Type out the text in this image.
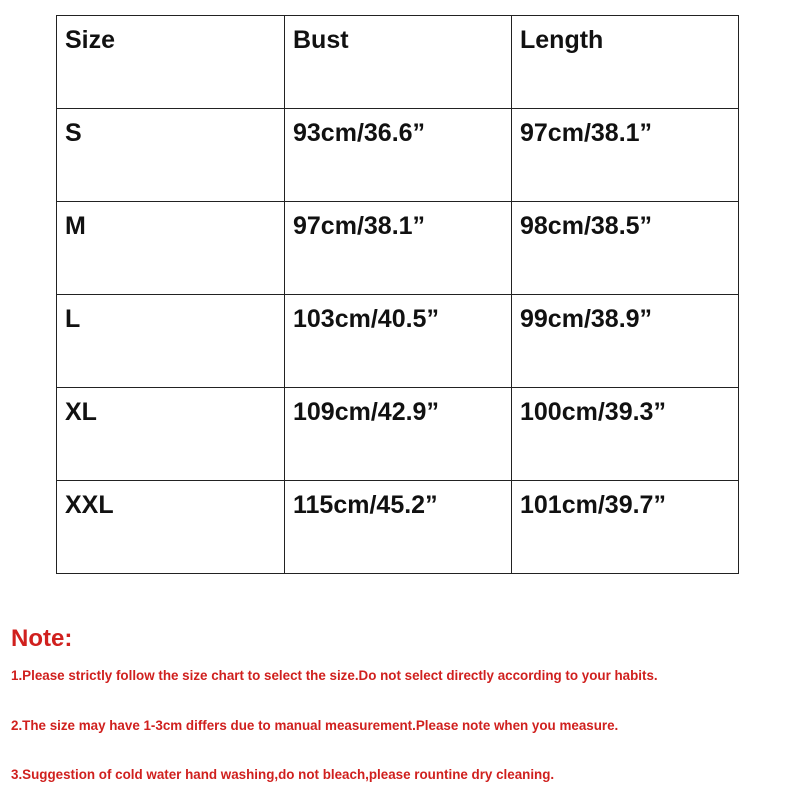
Size	Bust	Length
S	93cm/36.6”	97cm/38.1”
M	97cm/38.1”	98cm/38.5”
L	103cm/40.5”	99cm/38.9”
XL	109cm/42.9”	100cm/39.3”
XXL	115cm/45.2”	101cm/39.7”

Note:

1.Please strictly follow the size chart to select the size.Do not select directly according to your habits.

2.The size may have 1-3cm differs due to manual measurement.Please note when you measure.

3.Suggestion of cold water hand washing,do not bleach,please rountine dry cleaning.
